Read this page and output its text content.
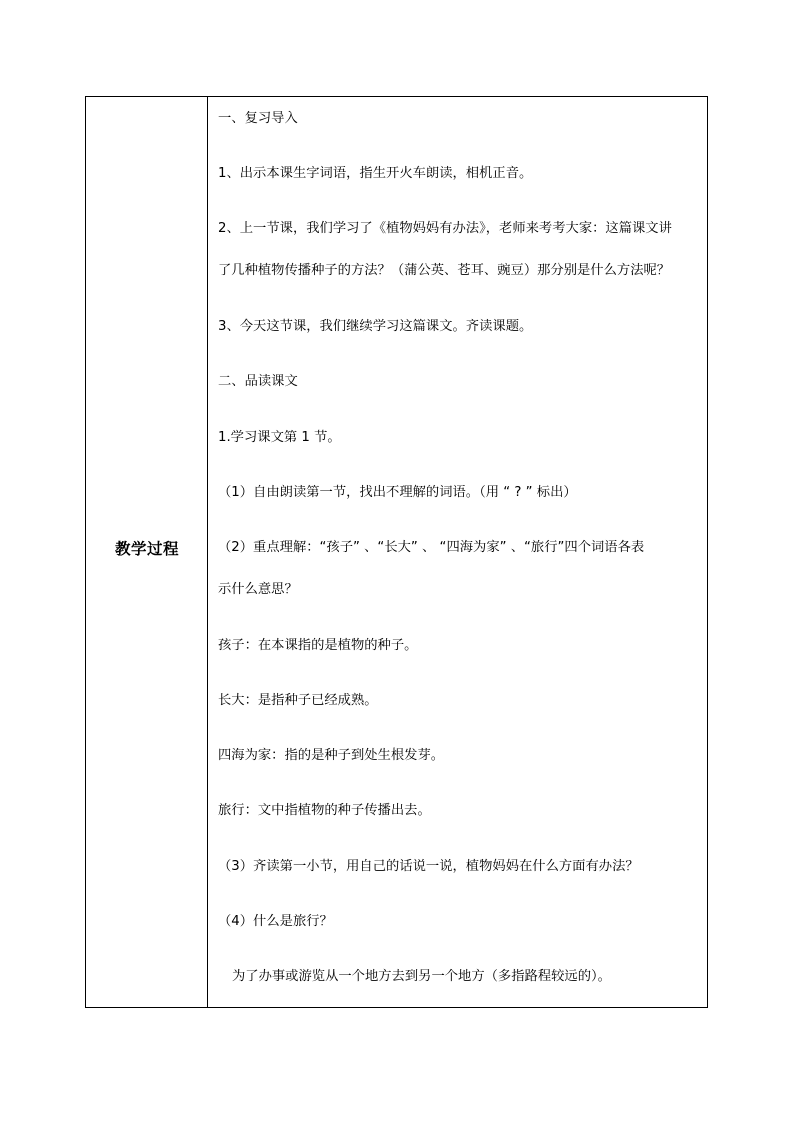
教学过程
一、复习导入
1、出示本课生字词语，指生开火车朗读，相机正音。
2、上一节课，我们学习了《植物妈妈有办法》，老师来考考大家：这篇课文讲
了几种植物传播种子的方法？（蒲公英、苍耳、豌豆）那分别是什么方法呢？
3、今天这节课，我们继续学习这篇课文。齐读课题。
二、品读课文
1.学习课文第 1 节。
（1）自由朗读第一节，找出不理解的词语。（用 “ ? ” 标出）
（2）重点理解：“孩子” 、“长大” 、 “四海为家” 、“旅行”四个词语各表
示什么意思？
孩子：在本课指的是植物的种子。
长大：是指种子已经成熟。
四海为家：指的是种子到处生根发芽。
旅行：文中指植物的种子传播出去。
（3）齐读第一小节，用自己的话说一说，植物妈妈在什么方面有办法？
（4）什么是旅行？
为了办事或游览从一个地方去到另一个地方（多指路程较远的）。
